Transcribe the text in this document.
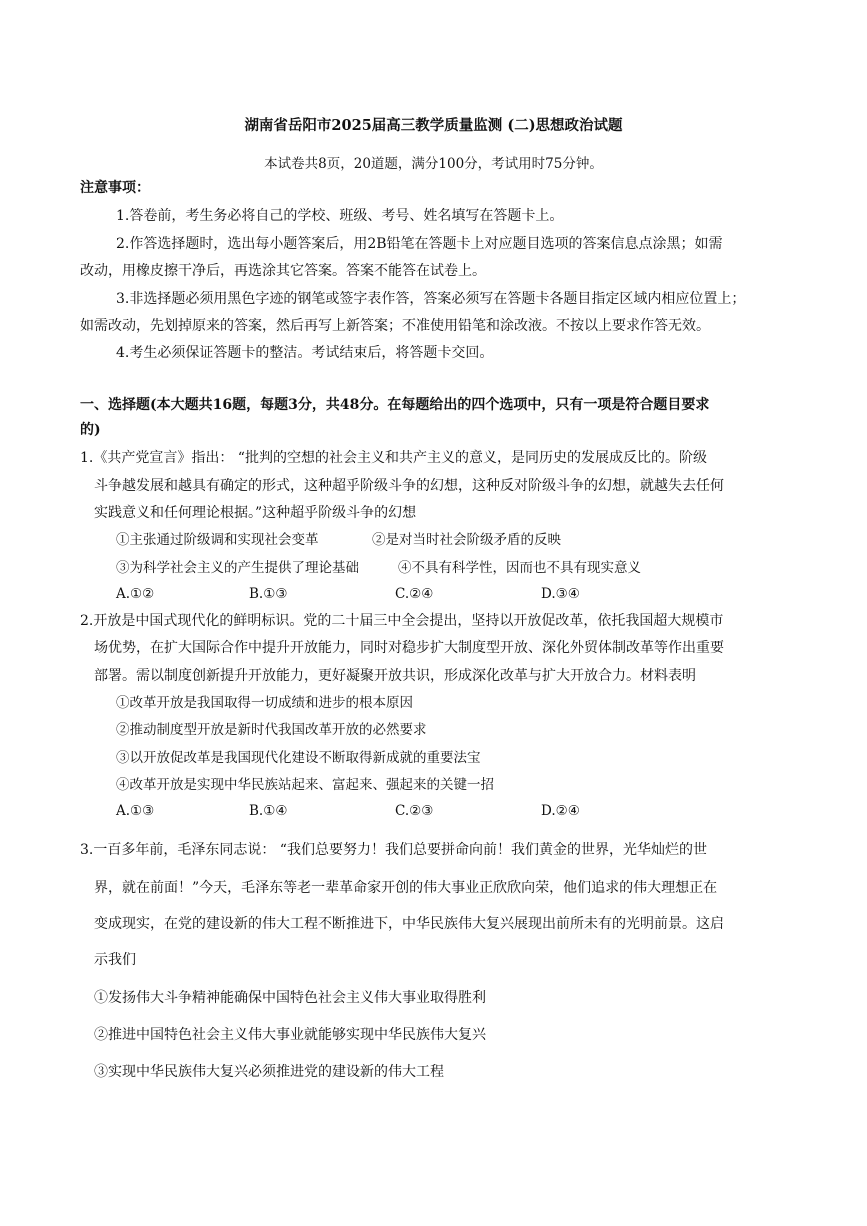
湖南省岳阳市2025届高三教学质量监测 (二)思想政治试题
本试卷共8页，20道题，满分100分，考试用时75分钟。
注意事项：
1.答卷前，考生务必将自己的学校、班级、考号、姓名填写在答题卡上。
2.作答选择题时，选出每小题答案后，用2B铅笔在答题卡上对应题目选项的答案信息点涂黑；如需
改动，用橡皮擦干净后，再选涂其它答案。答案不能答在试卷上。
3.非选择题必须用黑色字迹的钢笔或签字表作答，答案必须写在答题卡各题目指定区域内相应位置上；
如需改动，先划掉原来的答案，然后再写上新答案；不准使用铅笔和涂改液。不按以上要求作答无效。
4.考生必须保证答题卡的整洁。考试结束后，将答题卡交回。
一、选择题(本大题共16题，每题3分，共48分。在每题给出的四个选项中，只有一项是符合题目要求
的)
1.《共产党宣言》指出： “批判的空想的社会主义和共产主义的意义，是同历史的发展成反比的。阶级
斗争越发展和越具有确定的形式，这种超乎阶级斗争的幻想，这种反对阶级斗争的幻想，就越失去任何
实践意义和任何理论根据。”这种超乎阶级斗争的幻想
①主张通过阶级调和实现社会变革	②是对当时社会阶级矛盾的反映
③为科学社会主义的产生提供了理论基础	④不具有科学性，因而也不具有现实意义
A.①②	B.①③	C.②④	D.③④
2.开放是中国式现代化的鲜明标识。党的二十届三中全会提出，坚持以开放促改革，依托我国超大规模市
场优势，在扩大国际合作中提升开放能力，同时对稳步扩大制度型开放、深化外贸体制改革等作出重要
部署。需以制度创新提升开放能力，更好凝聚开放共识，形成深化改革与扩大开放合力。材料表明
①改革开放是我国取得一切成绩和进步的根本原因
②推动制度型开放是新时代我国改革开放的必然要求
③以开放促改革是我国现代化建设不断取得新成就的重要法宝
④改革开放是实现中华民族站起来、富起来、强起来的关键一招
A.①③	B.①④	C.②③	D.②④
3.一百多年前，毛泽东同志说： “我们总要努力！我们总要拼命向前！我们黄金的世界，光华灿烂的世
界，就在前面！”今天，毛泽东等老一辈革命家开创的伟大事业正欣欣向荣，他们追求的伟大理想正在
变成现实，在党的建设新的伟大工程不断推进下，中华民族伟大复兴展现出前所未有的光明前景。这启
示我们
①发扬伟大斗争精神能确保中国特色社会主义伟大事业取得胜利
②推进中国特色社会主义伟大事业就能够实现中华民族伟大复兴
③实现中华民族伟大复兴必须推进党的建设新的伟大工程
